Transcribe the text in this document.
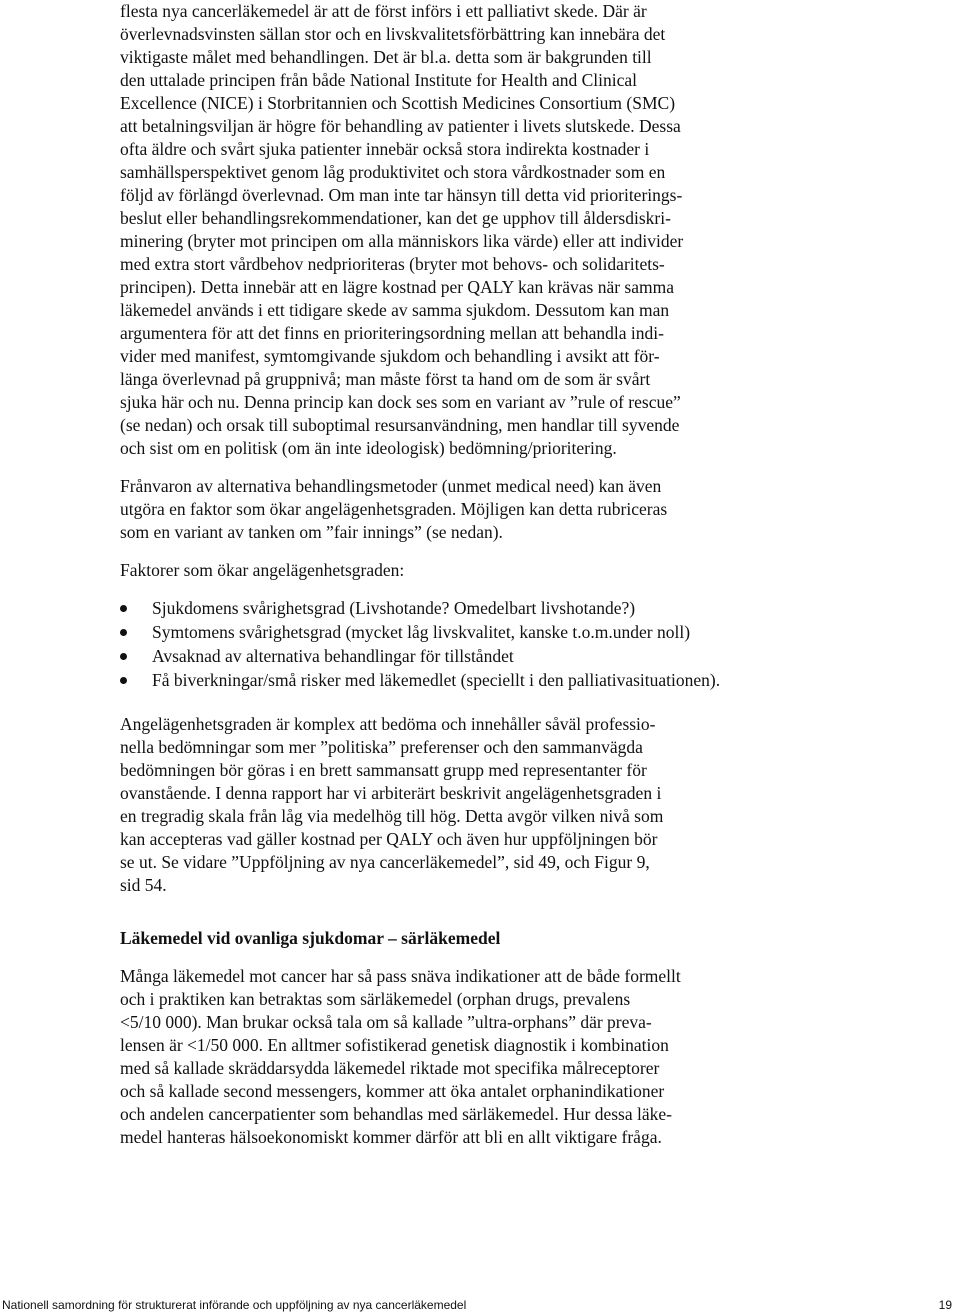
flesta nya cancerläkemedel är att de först införs i ett palliativt skede. Där är
överlevnadsvinsten sällan stor och en livskvalitetsförbättring kan innebära det
viktigaste målet med behandlingen. Det är bl.a. detta som är bakgrunden till
den uttalade principen från både National Institute for Health and Clinical
Excellence (NICE) i Storbritannien och Scottish Medicines Consortium (SMC)
att betalningsviljan är högre för behandling av patienter i livets slutskede. Dessa
ofta äldre och svårt sjuka patienter innebär också stora indirekta kostnader i
samhällsperspektivet genom låg produktivitet och stora vårdkostnader som en
följd av förlängd överlevnad. Om man inte tar hänsyn till detta vid prioriterings-
beslut eller behandlingsrekommendationer, kan det ge upphov till åldersdiskri-
minering (bryter mot principen om alla människors lika värde) eller att individer
med extra stort vårdbehov nedprioriteras (bryter mot behovs- och solidaritets-
principen). Detta innebär att en lägre kostnad per QALY kan krävas när samma
läkemedel används i ett tidigare skede av samma sjukdom. Dessutom kan man
argumentera för att det finns en prioriteringsordning mellan att behandla indi-
vider med manifest, symtomgivande sjukdom och behandling i avsikt att för-
länga överlevnad på gruppnivå; man måste först ta hand om de som är svårt
sjuka här och nu. Denna princip kan dock ses som en variant av ”rule of rescue”
(se nedan) och orsak till suboptimal resursanvändning, men handlar till syvende
och sist om en politisk (om än inte ideologisk) bedömning/prioritering.
Frånvaron av alternativa behandlingsmetoder (unmet medical need) kan även
utgöra en faktor som ökar angelägenhetsgraden. Möjligen kan detta rubriceras
som en variant av tanken om ”fair innings” (se nedan).
Faktorer som ökar angelägenhetsgraden:
Sjukdomens svårighetsgrad (Livshotande? Omedelbart livshotande?)
Symtomens svårighetsgrad (mycket låg livskvalitet, kanske t.o.m.under noll)
Avsaknad av alternativa behandlingar för tillståndet
Få biverkningar/små risker med läkemedlet (speciellt i den palliativasituationen).
Angelägenhetsgraden är komplex att bedöma och innehåller såväl professio-
nella bedömningar som mer ”politiska” preferenser och den sammanvägda
bedömningen bör göras i en brett sammansatt grupp med representanter för
ovanstående. I denna rapport har vi arbiterärt beskrivit angelägenhetsgraden i
en tregradig skala från låg via medelhög till hög. Detta avgör vilken nivå som
kan accepteras vad gäller kostnad per QALY och även hur uppföljningen bör
se ut. Se vidare ”Uppföljning av nya cancerläkemedel”, sid 49, och Figur 9,
sid 54.
Läkemedel vid ovanliga sjukdomar – särläkemedel
Många läkemedel mot cancer har så pass snäva indikationer att de både formellt
och i praktiken kan betraktas som särläkemedel (orphan drugs, prevalens
<5/10 000). Man brukar också tala om så kallade ”ultra-orphans” där preva-
lensen är <1/50 000. En alltmer sofistikerad genetisk diagnostik i kombination
med så kallade skräddarsydda läkemedel riktade mot specifika målreceptorer
och så kallade second messengers, kommer att öka antalet orphanindikationer
och andelen cancerpatienter som behandlas med särläkemedel. Hur dessa läke-
medel hanteras hälsoekonomiskt kommer därför att bli en allt viktigare fråga.
Nationell samordning för strukturerat införande och uppföljning av nya cancerläkemedel	19
